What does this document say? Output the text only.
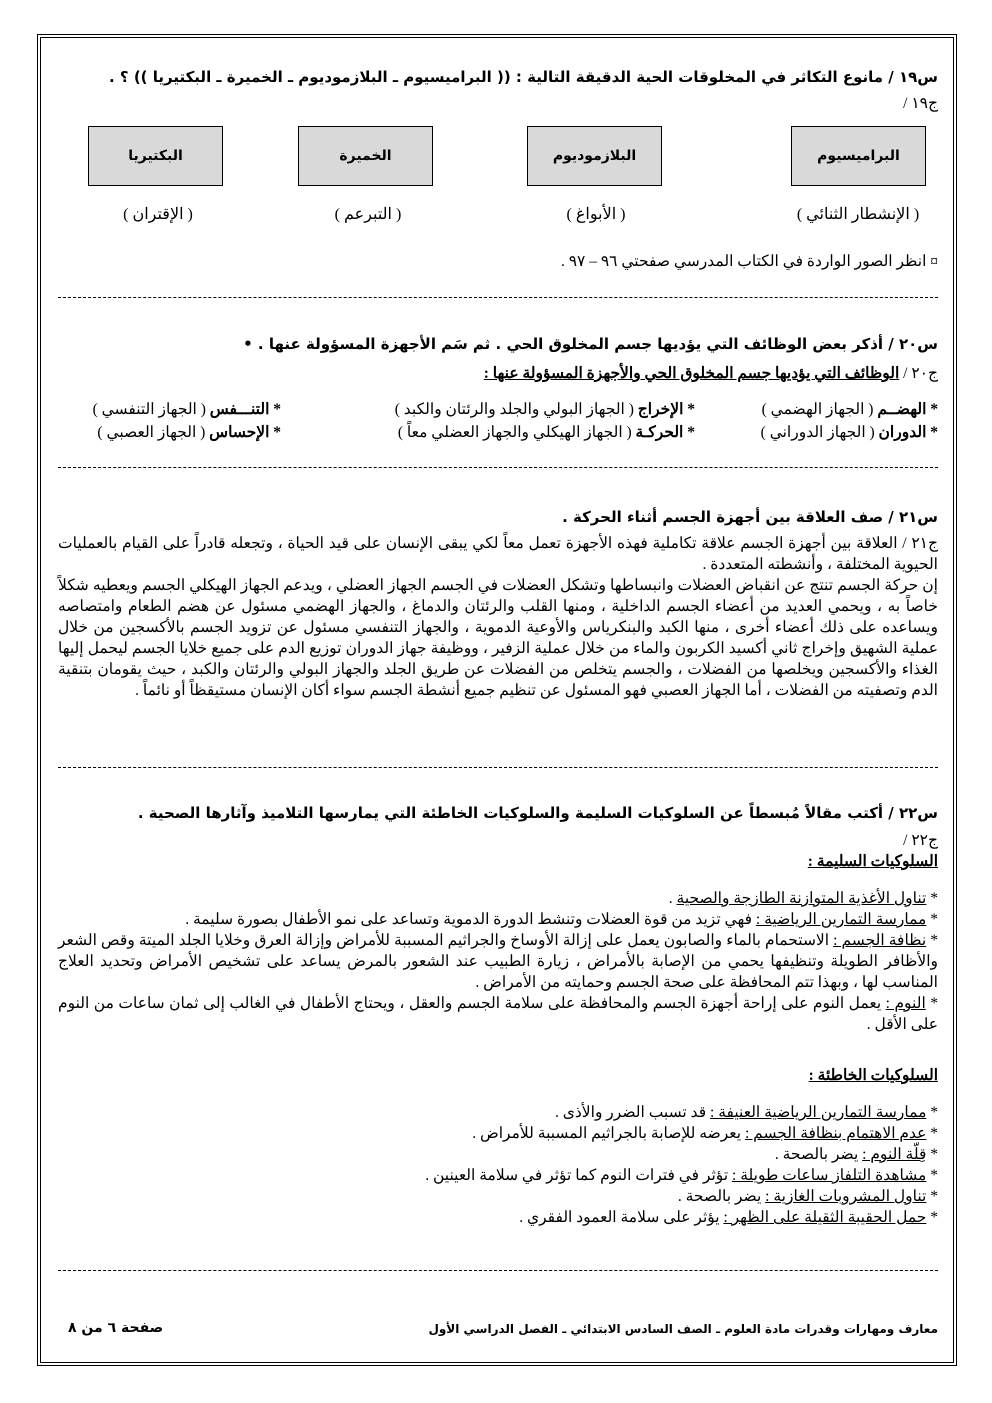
س١٩ / مانوع التكاثر في المخلوقات الحية الدقيقة التالية : (( البراميسيوم ـ البلازموديوم ـ الخميرة ـ البكتيريا )) ؟ .
ج١٩ /
البراميسيوم
البلازموديوم
الخميرة
البكتيريا
( الإنشطار الثنائي )
( الأبواغ )
( التبرعم )
( الإقتران )
¤ انظر الصور الواردة في الكتاب المدرسي صفحتي ٩٦ – ٩٧ .
س٢٠ / أذكر بعض الوظائف التي يؤديها جسم المخلوق الحي . ثم سَم الأجهزة المسؤولة عنها . •
ج٢٠ / الوظائف التي يؤديها جسم المخلوق الحي والأجهزة المسؤولة عنها :
* الهضــم ( الجهاز الهضمي )
* الإخراج ( الجهاز البولي والجلد والرئتان والكبد )
* التنـــفس ( الجهاز التنفسي )
* الدوران ( الجهاز الدوراني )
* الحركـة ( الجهاز الهيكلي والجهاز العضلي معاً )
* الإحساس ( الجهاز العصبي )
س٢١ / صف العلاقة بين أجهزة الجسم أثناء الحركة .

ج٢١ / العلاقة بين أجهزة الجسم علاقة تكاملية فهذه الأجهزة تعمل معاً لكي يبقى الإنسان على قيد الحياة ، وتجعله قادراً على القيام بالعمليات الحيوية المختلفة ، وأنشطته المتعددة .

إن حركة الجسم تنتج عن انقباض العضلات وانبساطها وتشكل العضلات في الجسم الجهاز العضلي ، ويدعم الجهاز الهيكلي الجسم ويعطيه شكلاً خاصاً به ، ويحمي العديد من أعضاء الجسم الداخلية ، ومنها القلب والرئتان والدماغ ، والجهاز الهضمي مسئول عن هضم الطعام وامتصاصه ويساعده على ذلك أعضاء أخرى ، منها الكبد والبنكرياس والأوعية الدموية ، والجهاز التنفسي مسئول عن تزويد الجسم بالأكسجين من خلال عملية الشهيق وإخراج ثاني أكسيد الكربون والماء من خلال عملية الزفير ، ووظيفة جهاز الدوران توزيع الدم على جميع خلايا الجسم ليحمل إليها الغذاء والأكسجين ويخلصها من الفضلات ، والجسم يتخلص من الفضلات عن طريق الجلد والجهاز البولي والرئتان والكبد ، حيث يقومان بتنقية الدم وتصفيته من الفضلات ، أما الجهاز العصبي فهو المسئول عن تنظيم جميع أنشطة الجسم سواء أكان الإنسان مستيقظاً أو نائماً .

س٢٢ / أكتب مقالاً مُبسطاً عن السلوكيات السليمة والسلوكيات الخاطئة التي يمارسها التلاميذ وآثارها الصحية .
ج٢٢ /
السلوكيات السليمة :
* تناول الأغذية المتوازنة الطازجة والصحية .
* ممارسة التمارين الرياضية : فهي تزيد من قوة العضلات وتنشط الدورة الدموية وتساعد على نمو الأطفال بصورة سليمة .
* نظافة الجسم : الاستحمام بالماء والصابون يعمل على إزالة الأوساخ والجراثيم المسببة للأمراض وإزالة العرق وخلايا الجلد الميتة وقص الشعر والأظافر الطويلة وتنظيفها يحمي من الإصابة بالأمراض ، زيارة الطبيب عند الشعور بالمرض يساعد على تشخيص الأمراض وتحديد العلاج المناسب لها ، وبهذا تتم المحافظة على صحة الجسم وحمايته من الأمراض .
* النوم : يعمل النوم على إراحة أجهزة الجسم والمحافظة على سلامة الجسم والعقل ، ويحتاج الأطفال في الغالب إلى ثمان ساعات من النوم على الأقل .
السلوكيات الخاطئة :
* ممارسة التمارين الرياضية العنيفة : قد تسبب الضرر والأذى .
* عدم الاهتمام بنظافة الجسم : يعرضه للإصابة بالجراثيم المسببة للأمراض .
* قِلّة النوم : يضر بالصحة .
* مشاهدة التلفاز ساعات طويلة : تؤثر في فترات النوم كما تؤثر في سلامة العينين .
* تناول المشروبات الغازية : يضر بالصحة .
* حمل الحقيبة الثقيلة على الظهر : يؤثر على سلامة العمود الفقري .
معارف ومهارات وقدرات مادة العلوم ـ الصف السادس الابتدائي ـ الفصل الدراسي الأول
صفحة ٦ من ٨
